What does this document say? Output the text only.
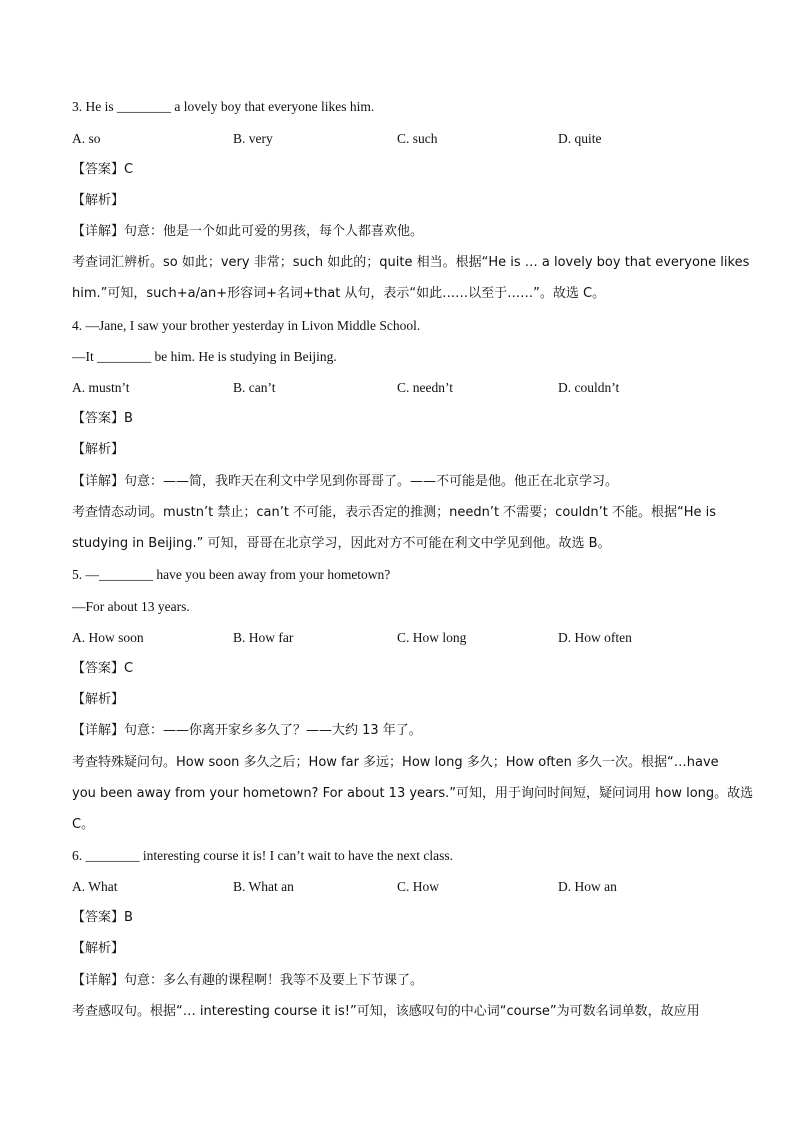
3. He is ________ a lovely boy that everyone likes him.
A. so	B. very	C. such	D. quite
【答案】C
【解析】
【详解】句意：他是一个如此可爱的男孩，每个人都喜欢他。
考查词汇辨析。so 如此；very 非常；such 如此的；quite 相当。根据“He is … a lovely boy that everyone likes
him.”可知，such+a/an+形容词+名词+that 从句，表示“如此……以至于……”。故选 C。
4. —Jane, I saw your brother yesterday in Livon Middle School.
—It ________ be him. He is studying in Beijing.
A. mustn’t	B. can’t	C. needn’t	D. couldn’t
【答案】B
【解析】
【详解】句意：——简，我昨天在利文中学见到你哥哥了。——不可能是他。他正在北京学习。
考查情态动词。mustn’t 禁止；can’t 不可能，表示否定的推测；needn’t 不需要；couldn’t 不能。根据“He is
studying in Beijing.” 可知，哥哥在北京学习，因此对方不可能在利文中学见到他。故选 B。
5. —________ have you been away from your hometown?
—For about 13 years.
A. How soon	B. How far	C. How long	D. How often
【答案】C
【解析】
【详解】句意：——你离开家乡多久了？——大约 13 年了。
考查特殊疑问句。How soon 多久之后；How far 多远；How long 多久；How often 多久一次。根据“…have
you been away from your hometown? For about 13 years.”可知，用于询问时间短，疑问词用 how long。故选
C。
6. ________ interesting course it is! I can’t wait to have the next class.
A. What	B. What an	C. How	D. How an
【答案】B
【解析】
【详解】句意：多么有趣的课程啊！我等不及要上下节课了。
考查感叹句。根据“… interesting course it is!”可知，该感叹句的中心词“course”为可数名词单数，故应用
